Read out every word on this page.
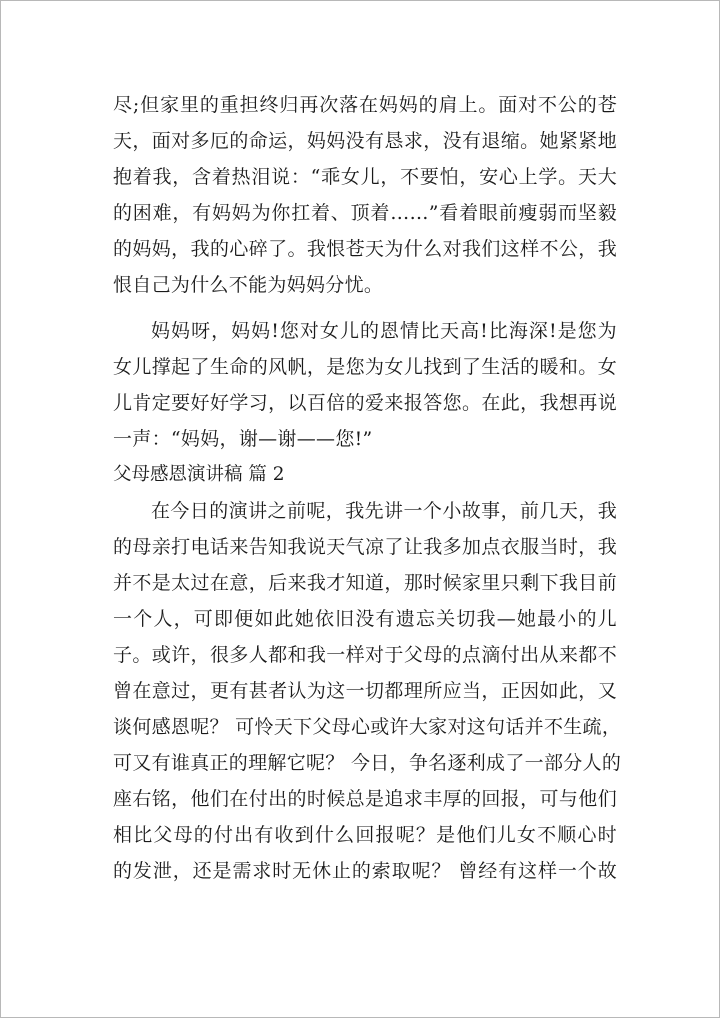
尽;但家里的重担终归再次落在妈妈的肩上。面对不公的苍
天，面对多厄的命运，妈妈没有恳求，没有退缩。她紧紧地
抱着我，含着热泪说：“乖女儿，不要怕，安心上学。天大
的困难，有妈妈为你扛着、顶着……”看着眼前瘦弱而坚毅
的妈妈，我的心碎了。我恨苍天为什么对我们这样不公，我
恨自己为什么不能为妈妈分忧。
妈妈呀，妈妈!您对女儿的恩情比天高!比海深!是您为
女儿撑起了生命的风帆，是您为女儿找到了生活的暖和。女
儿肯定要好好学习，以百倍的爱来报答您。在此，我想再说
一声：“妈妈，谢—谢——您!”
父母感恩演讲稿 篇 2
在今日的演讲之前呢，我先讲一个小故事，前几天，我
的母亲打电话来告知我说天气凉了让我多加点衣服当时，我
并不是太过在意，后来我才知道，那时候家里只剩下我目前
一个人，可即便如此她依旧没有遗忘关切我—她最小的儿
子。或许，很多人都和我一样对于父母的点滴付出从来都不
曾在意过，更有甚者认为这一切都理所应当，正因如此，又
谈何感恩呢？ 可怜天下父母心或许大家对这句话并不生疏，
可又有谁真正的理解它呢？ 今日，争名逐利成了一部分人的
座右铭，他们在付出的时候总是追求丰厚的回报，可与他们
相比父母的付出有收到什么回报呢？是他们儿女不顺心时
的发泄，还是需求时无休止的索取呢？ 曾经有这样一个故
